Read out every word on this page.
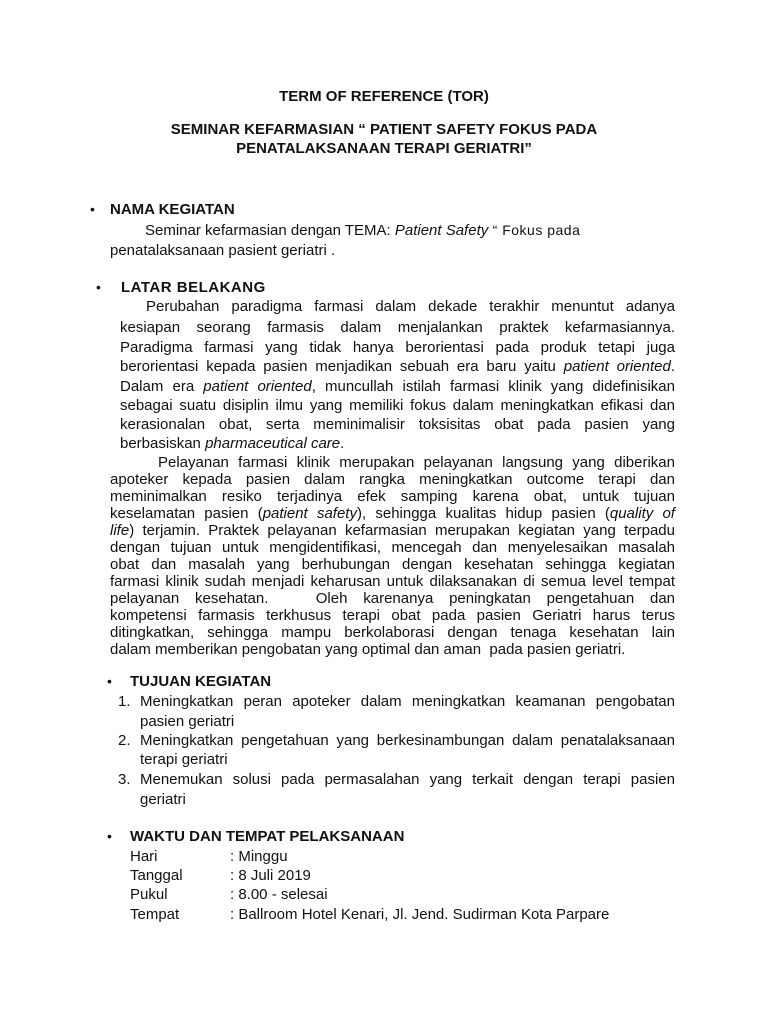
TERM OF REFERENCE (TOR)
SEMINAR KEFARMASIAN “ PATIENT SAFETY FOKUS PADA
PENATALAKSANAAN TERAPI GERIATRI”
• NAMA KEGIATAN
Seminar kefarmasian dengan TEMA: Patient Safety “ Fokus pada
penatalaksanaan pasient geriatri .
• LATAR BELAKANG
Perubahan paradigma farmasi dalam dekade terakhir menuntut adanya
kesiapan seorang farmasis dalam menjalankan praktek kefarmasiannya.
Paradigma farmasi yang tidak hanya berorientasi pada produk tetapi juga
berorientasi kepada pasien menjadikan sebuah era baru yaitu patient oriented.
Dalam era patient oriented, muncullah istilah farmasi klinik yang didefinisikan
sebagai suatu disiplin ilmu yang memiliki fokus dalam meningkatkan efikasi dan
kerasionalan obat, serta meminimalisir toksisitas obat pada pasien yang
berbasiskan pharmaceutical care.
Pelayanan farmasi klinik merupakan pelayanan langsung yang diberikan
apoteker kepada pasien dalam rangka meningkatkan outcome terapi dan
meminimalkan resiko terjadinya efek samping karena obat, untuk tujuan
keselamatan pasien (patient safety), sehingga kualitas hidup pasien (quality of
life) terjamin. Praktek pelayanan kefarmasian merupakan kegiatan yang terpadu
dengan tujuan untuk mengidentifikasi, mencegah dan menyelesaikan masalah
obat dan masalah yang berhubungan dengan kesehatan sehingga kegiatan
farmasi klinik sudah menjadi keharusan untuk dilaksanakan di semua level tempat
pelayanan kesehatan.   Oleh karenanya peningkatan pengetahuan dan
kompetensi farmasis terkhusus terapi obat pada pasien Geriatri harus terus
ditingkatkan, sehingga mampu berkolaborasi dengan tenaga kesehatan lain
dalam memberikan pengobatan yang optimal dan aman  pada pasien geriatri.
• TUJUAN KEGIATAN
1. Meningkatkan peran apoteker dalam meningkatkan keamanan pengobatan
pasien geriatri
2. Meningkatkan pengetahuan yang berkesinambungan dalam penatalaksanaan
terapi geriatri
3. Menemukan solusi pada permasalahan yang terkait dengan terapi pasien
geriatri
• WAKTU DAN TEMPAT PELAKSANAAN
Hari	: Minggu
Tanggal	: 8 Juli 2019
Pukul	: 8.00 - selesai
Tempat	: Ballroom Hotel Kenari, Jl. Jend. Sudirman Kota Parpare
